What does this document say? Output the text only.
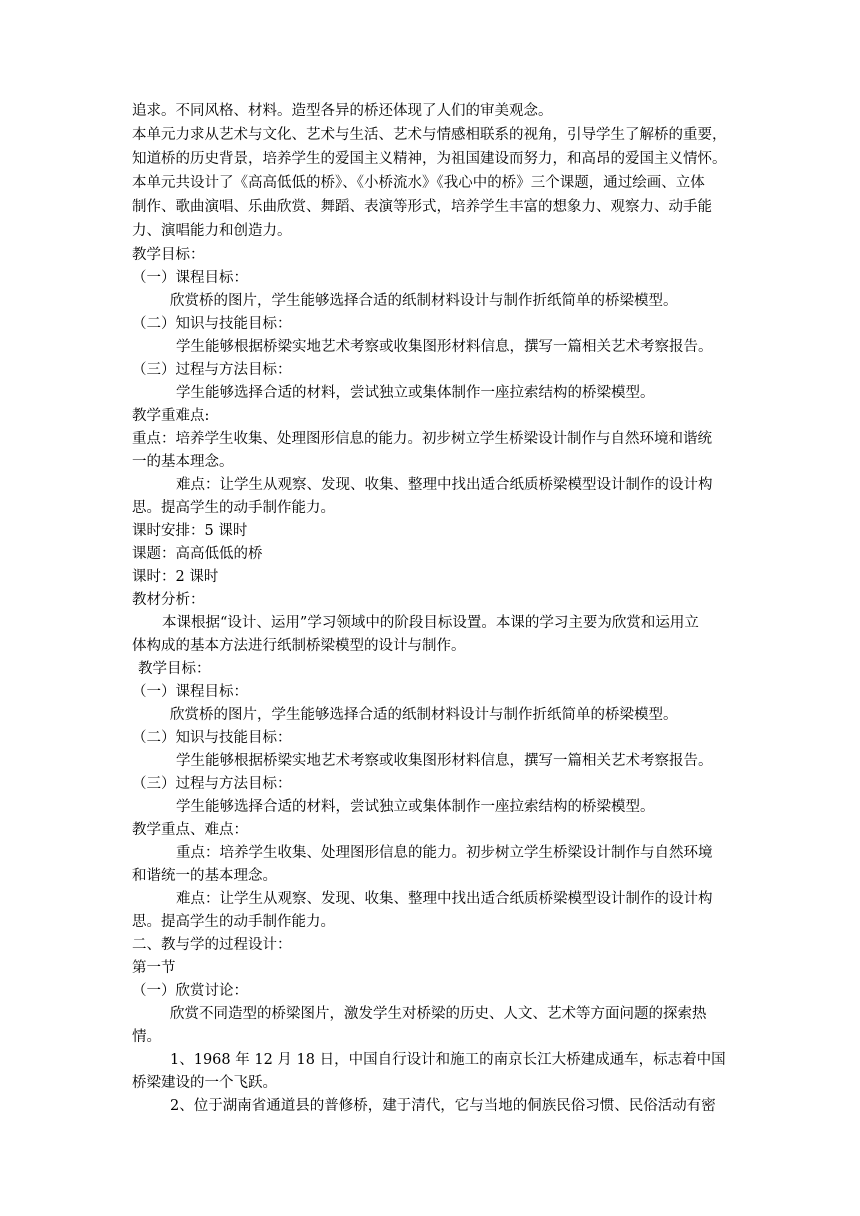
追求。不同风格、材料。造型各异的桥还体现了人们的审美观念。
本单元力求从艺术与文化、艺术与生活、艺术与情感相联系的视角，引导学生了解桥的重要，
知道桥的历史背景，培养学生的爱国主义精神，为祖国建设而努力，和高昂的爱国主义情怀。
本单元共设计了《高高低低的桥》、《小桥流水》《我心中的桥》三个课题，通过绘画、立体
制作、歌曲演唱、乐曲欣赏、舞蹈、表演等形式，培养学生丰富的想象力、观察力、动手能
力、演唱能力和创造力。
教学目标：
（一）课程目标：
欣赏桥的图片，学生能够选择合适的纸制材料设计与制作折纸简单的桥梁模型。
（二）知识与技能目标：
学生能够根据桥梁实地艺术考察或收集图形材料信息，撰写一篇相关艺术考察报告。
（三）过程与方法目标：
学生能够选择合适的材料，尝试独立或集体制作一座拉索结构的桥梁模型。
教学重难点:
重点：培养学生收集、处理图形信息的能力。初步树立学生桥梁设计制作与自然环境和谐统
一的基本理念。
难点：让学生从观察、发现、收集、整理中找出适合纸质桥梁模型设计制作的设计构
思。提高学生的动手制作能力。
课时安排：5 课时
课题：高高低低的桥
课时：2 课时
教材分析：
本课根据“设计、运用”学习领域中的阶段目标设置。本课的学习主要为欣赏和运用立
体构成的基本方法进行纸制桥梁模型的设计与制作。
教学目标：
（一）课程目标：
欣赏桥的图片，学生能够选择合适的纸制材料设计与制作折纸简单的桥梁模型。
（二）知识与技能目标：
学生能够根据桥梁实地艺术考察或收集图形材料信息，撰写一篇相关艺术考察报告。
（三）过程与方法目标：
学生能够选择合适的材料，尝试独立或集体制作一座拉索结构的桥梁模型。
教学重点、难点：
重点：培养学生收集、处理图形信息的能力。初步树立学生桥梁设计制作与自然环境
和谐统一的基本理念。
难点：让学生从观察、发现、收集、整理中找出适合纸质桥梁模型设计制作的设计构
思。提高学生的动手制作能力。
二、教与学的过程设计：
第一节
（一）欣赏讨论：
欣赏不同造型的桥梁图片，激发学生对桥梁的历史、人文、艺术等方面问题的探索热
情。
1、1968 年 12 月 18 日，中国自行设计和施工的南京长江大桥建成通车，标志着中国
桥梁建设的一个飞跃。
2、位于湖南省通道县的普修桥，建于清代，它与当地的侗族民俗习惯、民俗活动有密
